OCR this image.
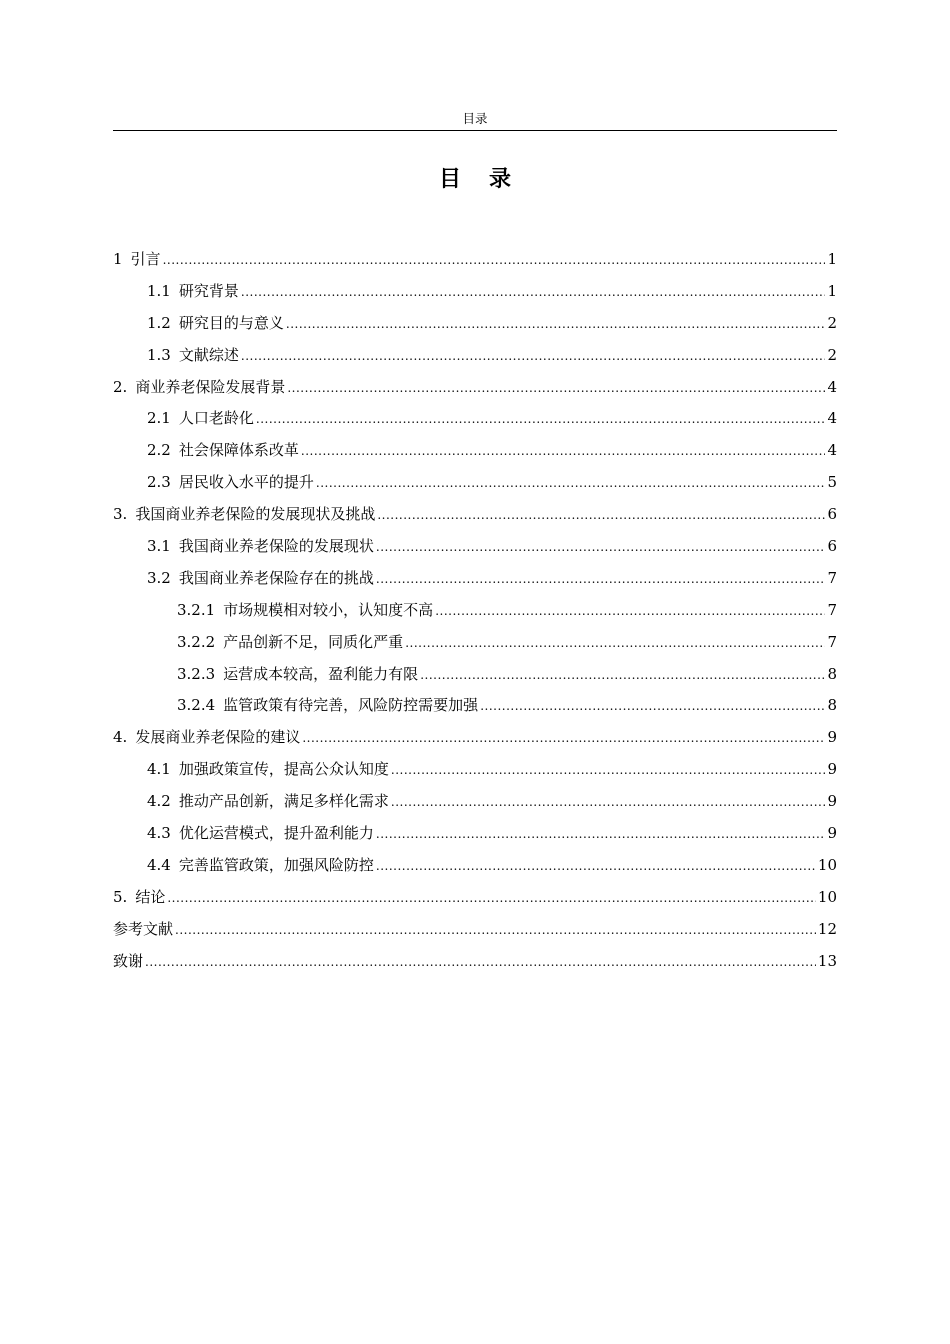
目录
目录
1 引言 .....	1
1.1 研究背景 .....	1
1.2 研究目的与意义 .....	2
1.3 文献综述 .....	2
2. 商业养老保险发展背景 .....	4
2.1 人口老龄化 .....	4
2.2 社会保障体系改革 .....	4
2.3 居民收入水平的提升 .....	5
3. 我国商业养老保险的发展现状及挑战 .....	6
3.1 我国商业养老保险的发展现状 .....	6
3.2 我国商业养老保险存在的挑战 .....	7
3.2.1 市场规模相对较小，认知度不高 .....	7
3.2.2 产品创新不足，同质化严重 .....	7
3.2.3 运营成本较高，盈利能力有限 .....	8
3.2.4 监管政策有待完善，风险防控需要加强 .....	8
4. 发展商业养老保险的建议 .....	9
4.1 加强政策宣传，提高公众认知度 .....	9
4.2 推动产品创新，满足多样化需求 .....	9
4.3 优化运营模式，提升盈利能力 .....	9
4.4 完善监管政策，加强风险防控 .....	10
5. 结论 .....	10
参考文献 .....	12
致谢 .....	13
